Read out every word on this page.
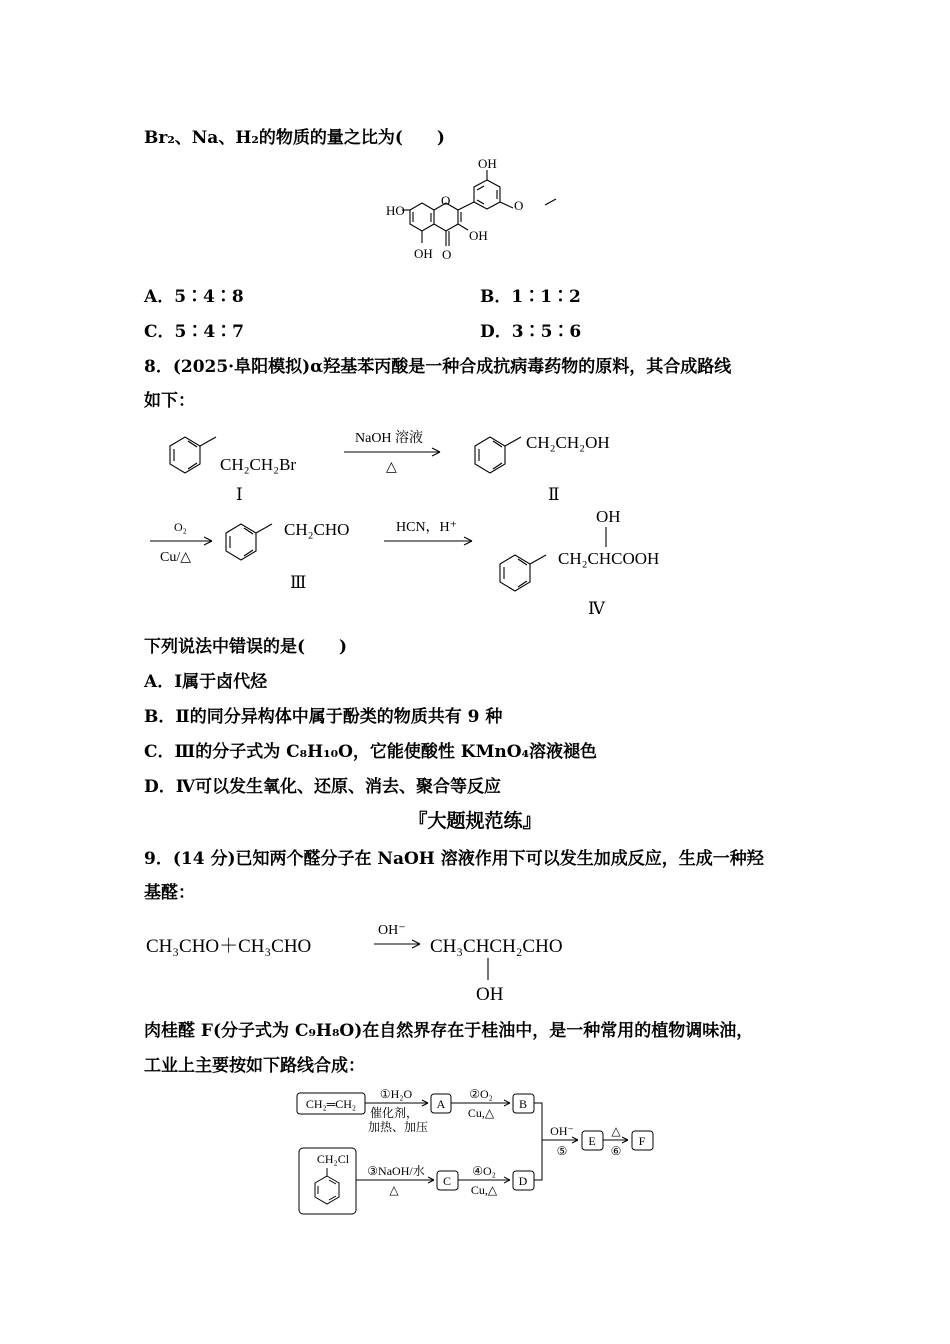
Br₂、Na、H₂的物质的量之比为(　　)
OH
O
HO
O
OH
OH O
A．5∶4∶8	B．1∶1∶2
C．5∶4∶7	D．3∶5∶6
8．(2025·阜阳模拟)α羟基苯丙酸是一种合成抗病毒药物的原料，其合成路线
如下：
CH₂CH₂Br
Ⅰ
NaOH 溶液
△
CH₂CH₂OH
Ⅱ
O₂
Cu/△
CH₂CHO
Ⅲ
HCN，H⁺
OH
CH₂CHCOOH
Ⅳ
下列说法中错误的是(　　)
A．Ⅰ属于卤代烃
B．Ⅱ的同分异构体中属于酚类的物质共有 9 种
C．Ⅲ的分子式为 C₈H₁₀O，它能使酸性 KMnO₄溶液褪色
D．Ⅳ可以发生氧化、还原、消去、聚合等反应
『大题规范练』
9．(14 分)已知两个醛分子在 NaOH 溶液作用下可以发生加成反应，生成一种羟
基醛：
CH₃CHO＋CH₃CHO
OH⁻
CH₃CHCH₂CHO
OH
肉桂醛 F(分子式为 C₉H₈O)在自然界存在于桂油中，是一种常用的植物调味油，
工业上主要按如下路线合成：
CH₂═CH₂
①H₂O
催化剂，
加热、加压
A
②O₂
Cu,△
B
CH₂Cl
③NaOH/水
△
C
④O₂
Cu,△
D
OH⁻
⑤
E
△
⑥
F
